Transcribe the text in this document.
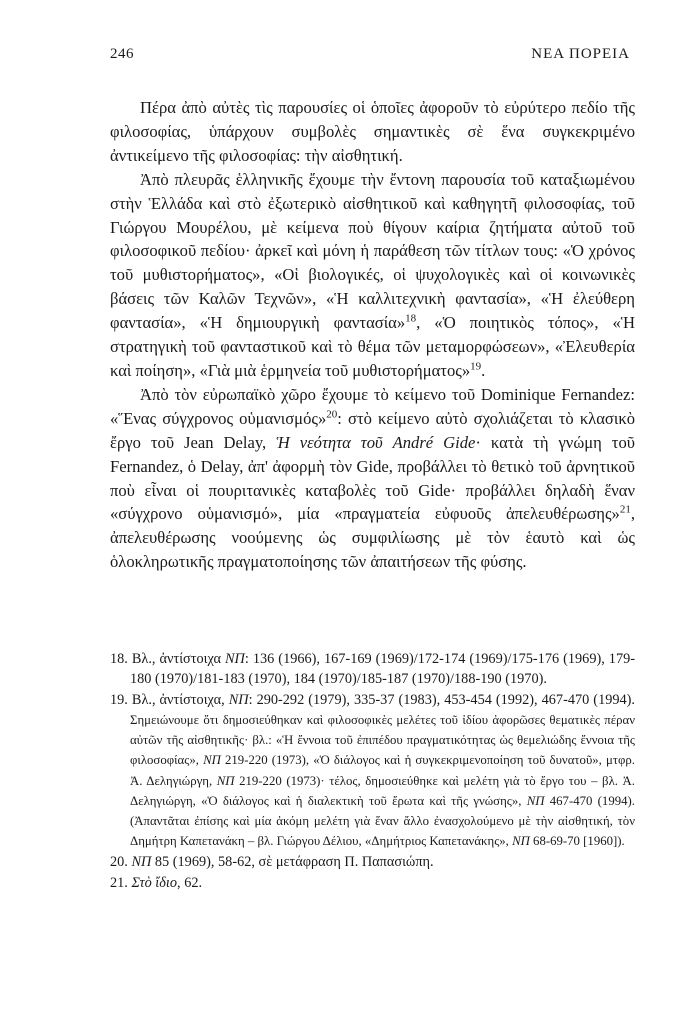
246	ΝΕΑ ΠΟΡΕΙΑ

Πέρα ἀπὸ αὐτὲς τὶς παρουσίες οἱ ὁποῖες ἀφοροῦν τὸ εὐρύτερο πεδίο τῆς φιλοσοφίας, ὑπάρχουν συμβολὲς σημαντικὲς σὲ ἕνα συγκεκριμένο ἀντικείμενο τῆς φιλοσοφίας: τὴν αἰσθητική.

Ἀπὸ πλευρᾶς ἑλληνικῆς ἔχουμε τὴν ἔντονη παρουσία τοῦ καταξιωμένου στὴν Ἑλλάδα καὶ στὸ ἐξωτερικὸ αἰσθητικοῦ καὶ καθηγητῆ φιλοσοφίας, τοῦ Γιώργου Μουρέλου, μὲ κείμενα ποὺ θίγουν καίρια ζητήματα αὐτοῦ τοῦ φιλοσοφικοῦ πεδίου· ἀρκεῖ καὶ μόνη ἡ παράθεση τῶν τίτλων τους: «Ὁ χρόνος τοῦ μυθιστορήματος», «Οἱ βιολογικές, οἱ ψυχολογικὲς καὶ οἱ κοινωνικὲς βάσεις τῶν Καλῶν Τεχνῶν», «Ἡ καλλιτεχνικὴ φαντασία», «Ἡ ἐλεύθερη φαντασία», «Ἡ δημιουργικὴ φαντασία»$^{18}$, «Ὁ ποιητικὸς τόπος», «Ἡ στρατηγικὴ τοῦ φανταστικοῦ καὶ τὸ θέμα τῶν μεταμορφώσεων», «Ἐλευθερία καὶ ποίηση», «Γιὰ μιὰ ἑρμηνεία τοῦ μυθιστορήματος»$^{19}$.

Ἀπὸ τὸν εὐρωπαϊκὸ χῶρο ἔχουμε τὸ κείμενο τοῦ Dominique Fernandez: «Ἕνας σύγχρονος οὑμανισμός»$^{20}$: στὸ κείμενο αὐτὸ σχολιάζεται τὸ κλασικὸ ἔργο τοῦ Jean Delay, Ἡ νεότητα τοῦ André Gide· κατὰ τὴ γνώμη τοῦ Fernandez, ὁ Delay, ἀπ' ἀφορμὴ τὸν Gide, προβάλλει τὸ θετικὸ τοῦ ἀρνητικοῦ ποὺ εἶναι οἱ πουριτανικὲς καταβολὲς τοῦ Gide· προβάλλει δηλαδὴ ἕναν «σύγχρονο οὑμανισμό», μία «πραγματεία εὐφυοῦς ἀπελευθέρωσης»$^{21}$, ἀπελευθέρωσης νοούμενης ὡς συμφιλίωσης μὲ τὸν ἑαυτὸ καὶ ὡς ὁλοκληρωτικῆς πραγματοποίησης τῶν ἀπαιτήσεων τῆς φύσης.

18. Βλ., ἀντίστοιχα ΝΠ: 136 (1966), 167-169 (1969)/172-174 (1969)/175-176 (1969), 179-180 (1970)/181-183 (1970), 184 (1970)/185-187 (1970)/188-190 (1970).

19. Βλ., ἀντίστοιχα, ΝΠ: 290-292 (1979), 335-37 (1983), 453-454 (1992), 467-470 (1994). Σημειώνουμε ὅτι δημοσιεύθηκαν καὶ φιλοσοφικὲς μελέτες τοῦ ἰδίου ἀφορῶσες θεματικὲς πέραν αὐτῶν τῆς αἰσθητικῆς· βλ.: «Ἡ ἔννοια τοῦ ἐπιπέδου πραγματικότητας ὡς θεμελιώδης ἔννοια τῆς φιλοσοφίας», ΝΠ 219-220 (1973), «Ὁ διάλογος καὶ ἡ συγκεκριμενοποίηση τοῦ δυνατοῦ», μτφρ. Ἀ. Δεληγιώργη, ΝΠ 219-220 (1973)· τέλος, δημοσιεύθηκε καὶ μελέτη γιὰ τὸ ἔργο του – βλ. Ἀ. Δεληγιώργη, «Ὁ διάλογος καὶ ἡ διαλεκτικὴ τοῦ ἔρωτα καὶ τῆς γνώσης», ΝΠ 467-470 (1994). (Ἀπαντᾶται ἐπίσης καὶ μία ἀκόμη μελέτη γιὰ ἕναν ἄλλο ἐνασχολούμενο μὲ τὴν αἰσθητική, τὸν Δημήτρη Καπετανάκη – βλ. Γιώργου Δέλιου, «Δημήτριος Καπετανάκης», ΝΠ 68-69-70 [1960]).

20. ΝΠ 85 (1969), 58-62, σὲ μετάφραση Π. Παπασιώπη.

21. Στὸ ἴδιο, 62.
